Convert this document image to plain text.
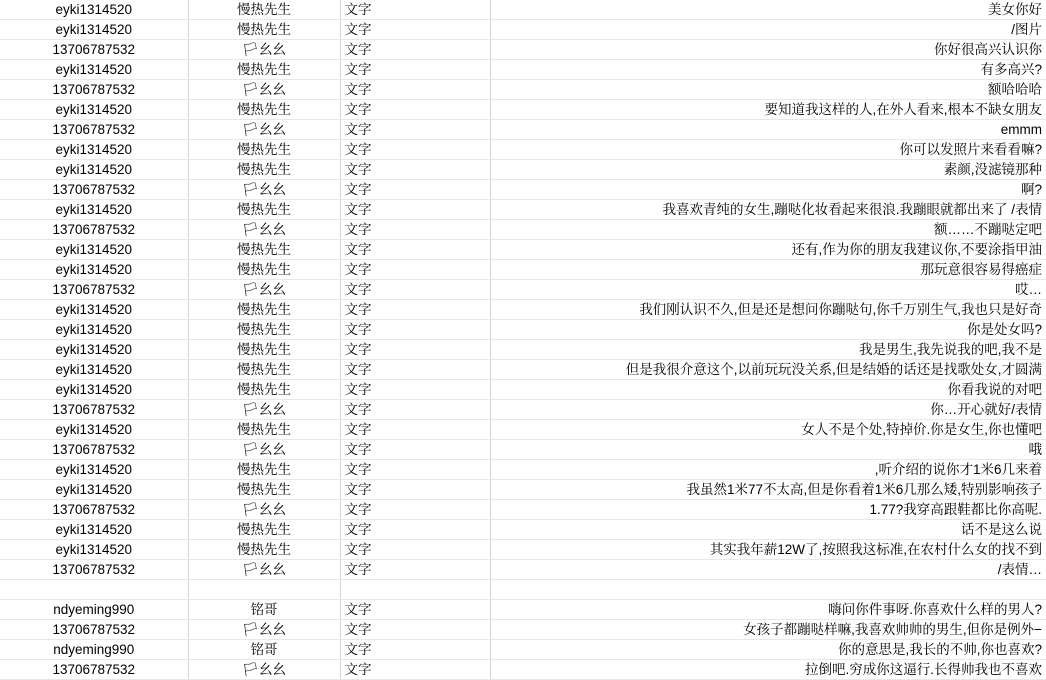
eyki1314520	慢热先生	文字	美女你好
eyki1314520	慢热先生	文字	/图片
13706787532	🏳幺幺	文字	你好很高兴认识你
eyki1314520	慢热先生	文字	有多高兴?
13706787532	🏳幺幺	文字	额哈哈哈
eyki1314520	慢热先生	文字	要知道我这样的人,在外人看来,根本不缺女朋友
13706787532	🏳幺幺	文字	emmm
eyki1314520	慢热先生	文字	你可以发照片来看看嘛?
eyki1314520	慢热先生	文字	素颜,没滤镜那种
13706787532	🏳幺幺	文字	啊?
eyki1314520	慢热先生	文字	我喜欢青纯的女生,蹦哒化妆看起来很浪.我蹦眼就都出来了 /表情
13706787532	🏳幺幺	文字	额……不蹦哒定吧
eyki1314520	慢热先生	文字	还有,作为你的朋友我建议你,不要涂指甲油
eyki1314520	慢热先生	文字	那玩意很容易得癌症
13706787532	🏳幺幺	文字	哎…
eyki1314520	慢热先生	文字	我们刚认识不久,但是还是想问你蹦哒句,你千万别生气,我也只是好奇
eyki1314520	慢热先生	文字	你是处女吗?
eyki1314520	慢热先生	文字	我是男生,我先说我的吧,我不是
eyki1314520	慢热先生	文字	但是我很介意这个,以前玩玩没关系,但是结婚的话还是找歌处女,才圆满
eyki1314520	慢热先生	文字	你看我说的对吧
13706787532	🏳幺幺	文字	你…开心就好/表情
eyki1314520	慢热先生	文字	女人不是个处,特掉价.你是女生,你也懂吧
13706787532	🏳幺幺	文字	哦
eyki1314520	慢热先生	文字	,听介绍的说你才1米6几来着
eyki1314520	慢热先生	文字	我虽然1米77不太高,但是你看着1米6几那么矮,特别影响孩子
13706787532	🏳幺幺	文字	1.77?我穿高跟鞋都比你高呢.
eyki1314520	慢热先生	文字	话不是这么说
eyki1314520	慢热先生	文字	其实我年薪12W了,按照我这标准,在农村什么女的找不到
13706787532	🏳幺幺	文字	/表情…

ndyeming990	铭哥	文字	嗨问你件事呀.你喜欢什么样的男人?
13706787532	🏳幺幺	文字	女孩子都蹦哒样嘛,我喜欢帅帅的男生,但你是例外−
ndyeming990	铭哥	文字	你的意思是,我长的不帅,你也喜欢?
13706787532	🏳幺幺	文字	拉倒吧.穷成你这逼行.长得帅我也不喜欢
